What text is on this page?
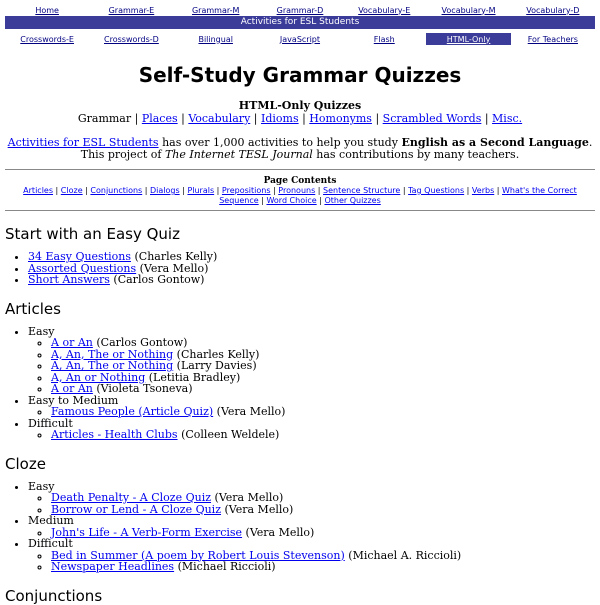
Home	Grammar-E	Grammar-M	Grammar-D	Vocabulary-E	Vocabulary-M	Vocabulary-D
Activities for ESL Students
Crosswords-E	Crosswords-D	Bilingual	JavaScript	Flash	HTML-Only	For Teachers
Self-Study Grammar Quizzes
HTML-Only Quizzes
Grammar | Places | Vocabulary | Idioms | Homonyms | Scrambled Words | Misc.
Activities for ESL Students has over 1,000 activities to help you study English as a Second Language.
This project of The Internet TESL Journal has contributions by many teachers.
Page Contents
Articles | Cloze | Conjunctions | Dialogs | Plurals | Prepositions | Pronouns | Sentence Structure | Tag Questions | Verbs | What's the Correct Sequence | Word Choice | Other Quizzes
Start with an Easy Quiz
• 34 Easy Questions (Charles Kelly)
• Assorted Questions (Vera Mello)
• Short Answers (Carlos Gontow)
Articles
• Easy
◦ A or An (Carlos Gontow)
◦ A, An, The or Nothing (Charles Kelly)
◦ A, An, The or Nothing (Larry Davies)
◦ A, An or Nothing (Letitia Bradley)
◦ A or An (Violeta Tsoneva)
• Easy to Medium
◦ Famous People (Article Quiz) (Vera Mello)
• Difficult
◦ Articles - Health Clubs (Colleen Weldele)
Cloze
• Easy
◦ Death Penalty - A Cloze Quiz (Vera Mello)
◦ Borrow or Lend - A Cloze Quiz (Vera Mello)
• Medium
◦ John's Life - A Verb-Form Exercise (Vera Mello)
• Difficult
◦ Bed in Summer (A poem by Robert Louis Stevenson) (Michael A. Riccioli)
◦ Newspaper Headlines (Michael Riccioli)
Conjunctions
